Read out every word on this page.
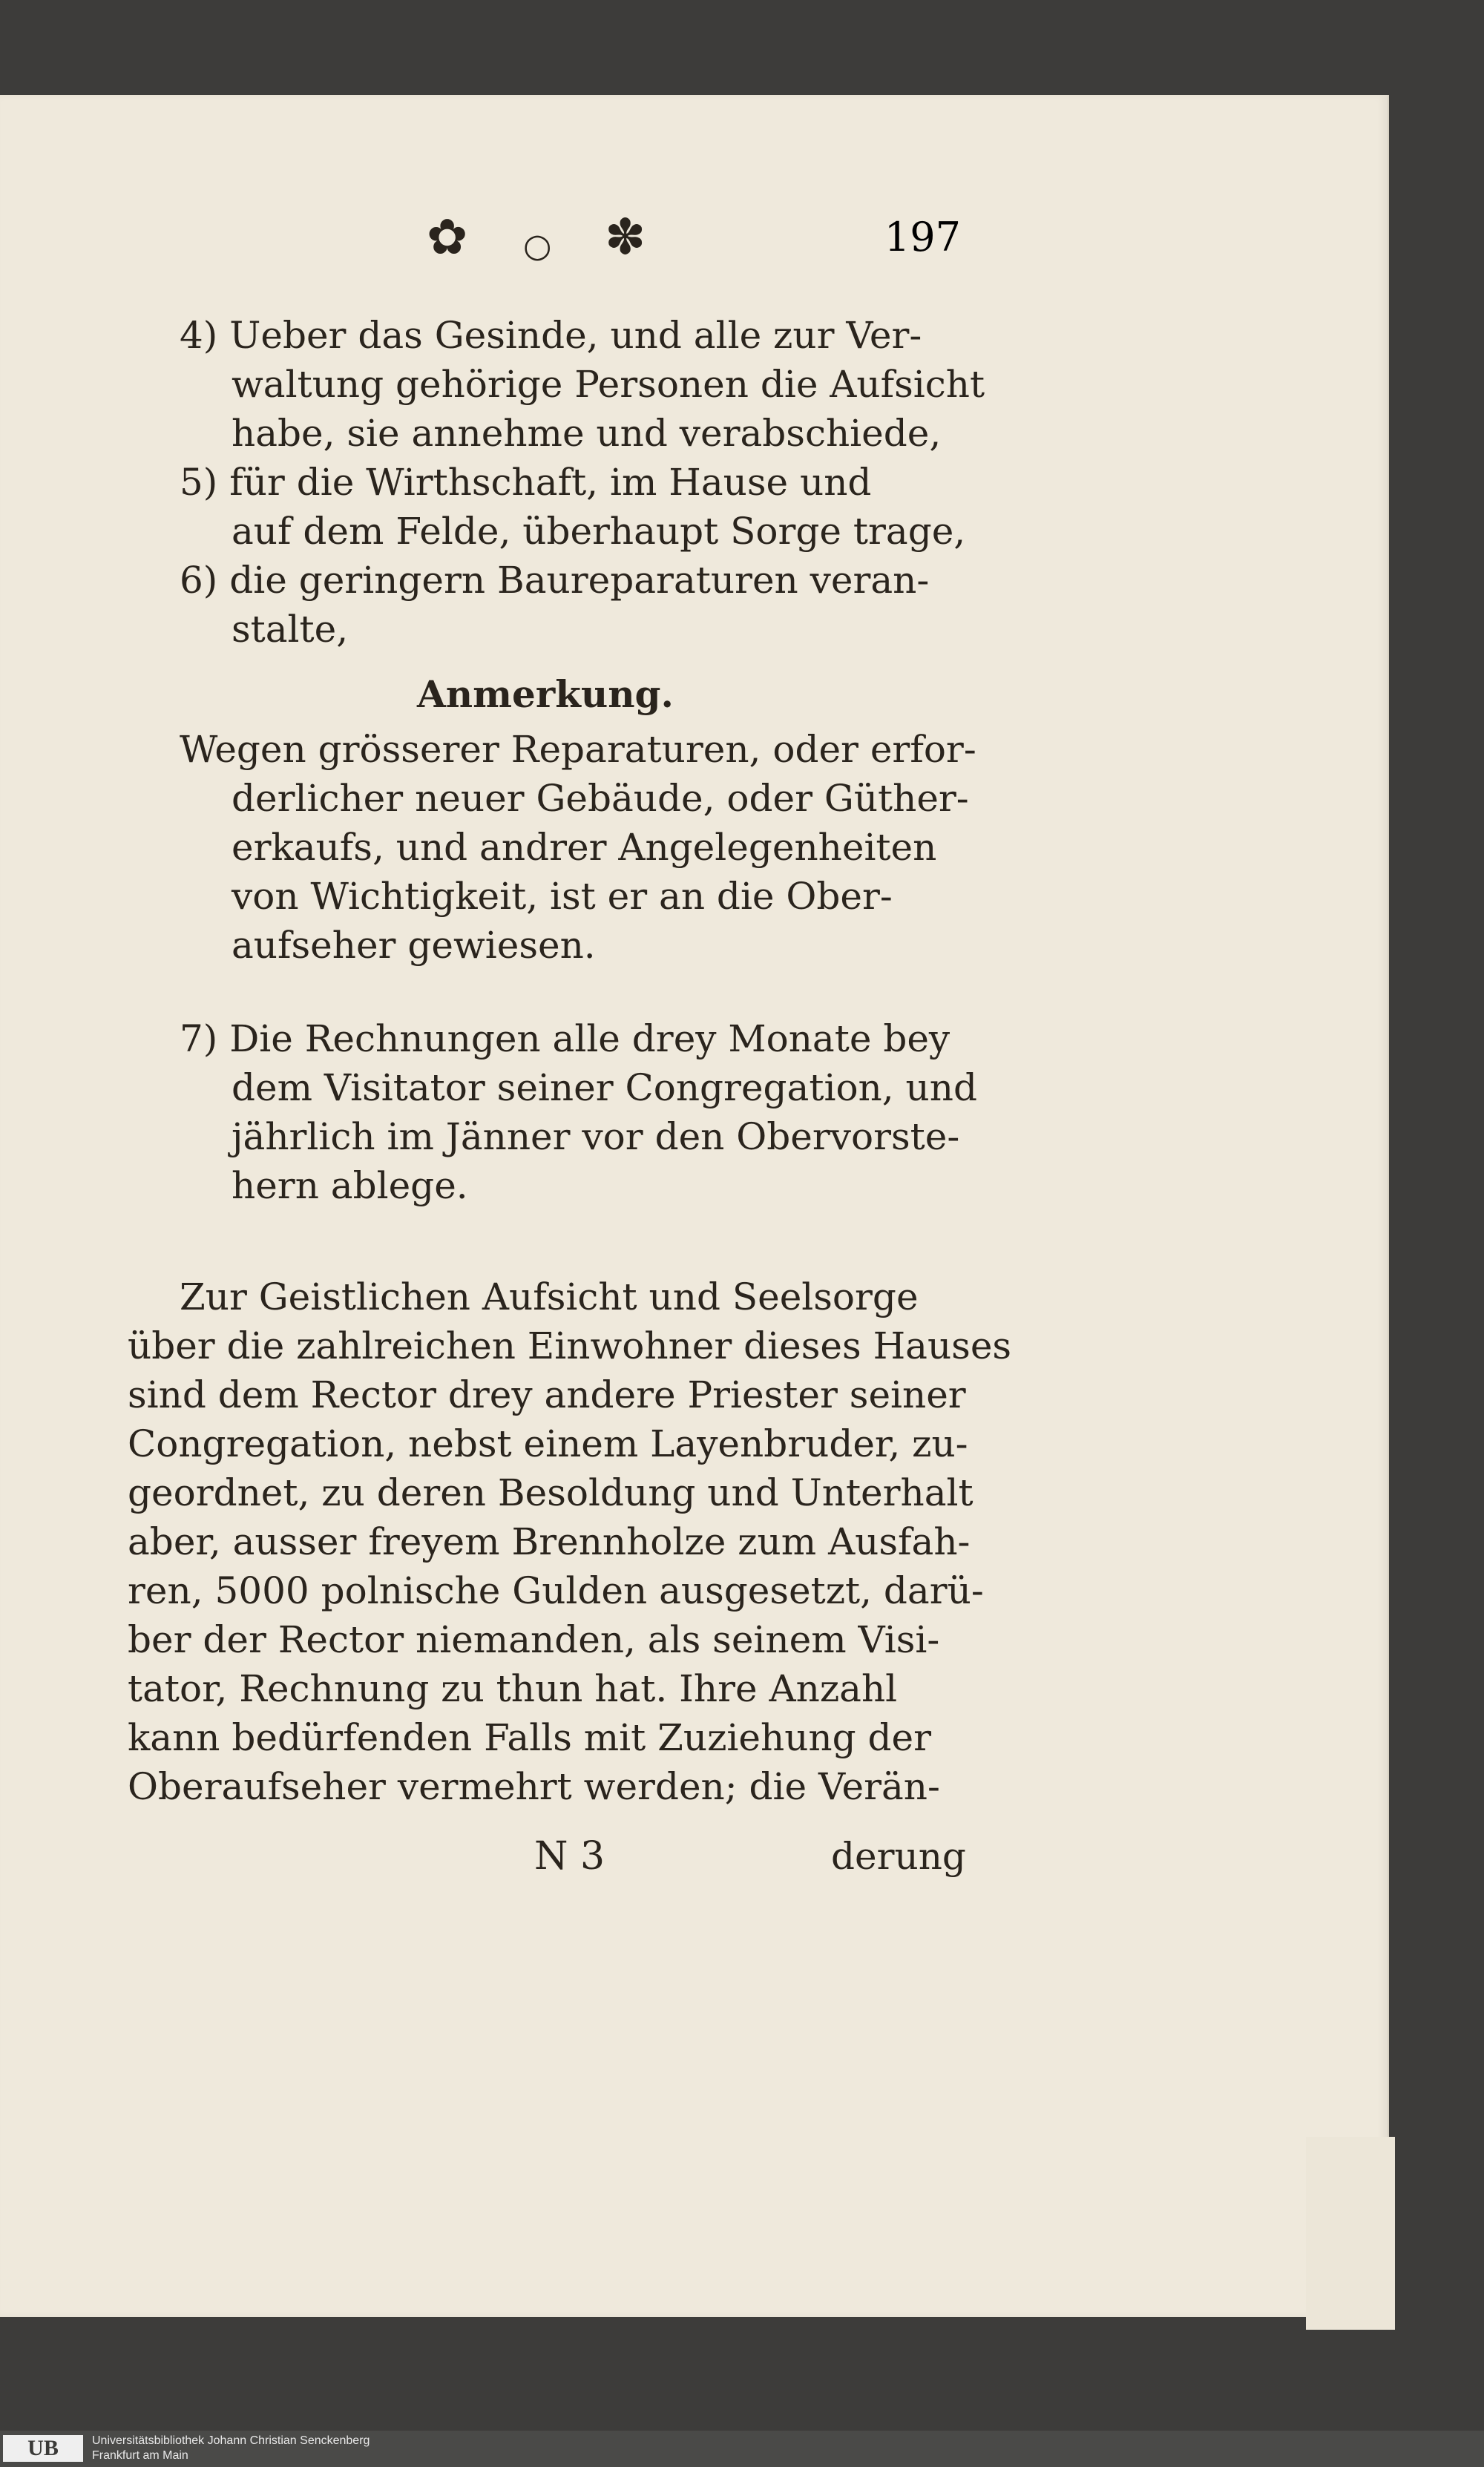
✿ ○ ✽	197
4) Ueber das Gesinde, und alle zur Ver-
waltung gehörige Personen die Aufsicht
habe, sie annehme und verabschiede,
5) für die Wirthschaft, im Hause und
auf dem Felde, überhaupt Sorge trage,
6) die geringern Baureparaturen veran-
stalte,
Anmerkung.
Wegen grösserer Reparaturen, oder erfor-
derlicher neuer Gebäude, oder Güther-
erkaufs, und andrer Angelegenheiten
von Wichtigkeit, ist er an die Ober-
aufseher gewiesen.
7) Die Rechnungen alle drey Monate bey
dem Visitator seiner Congregation, und
jährlich im Jänner vor den Obervorste-
hern ablege.
Zur Geistlichen Aufsicht und Seelsorge
über die zahlreichen Einwohner dieses Hauses
sind dem Rector drey andere Priester seiner
Congregation, nebst einem Layenbruder, zu-
geordnet, zu deren Besoldung und Unterhalt
aber, ausser freyem Brennholze zum Ausfah-
ren, 5000 polnische Gulden ausgesetzt, darü-
ber der Rector niemanden, als seinem Visi-
tator, Rechnung zu thun hat. Ihre Anzahl
kann bedürfenden Falls mit Zuziehung der
Oberaufseher vermehrt werden; die Verän-
N 3	derung
UB	Universitätsbibliothek Johann Christian Senckenberg
Frankfurt am Main
